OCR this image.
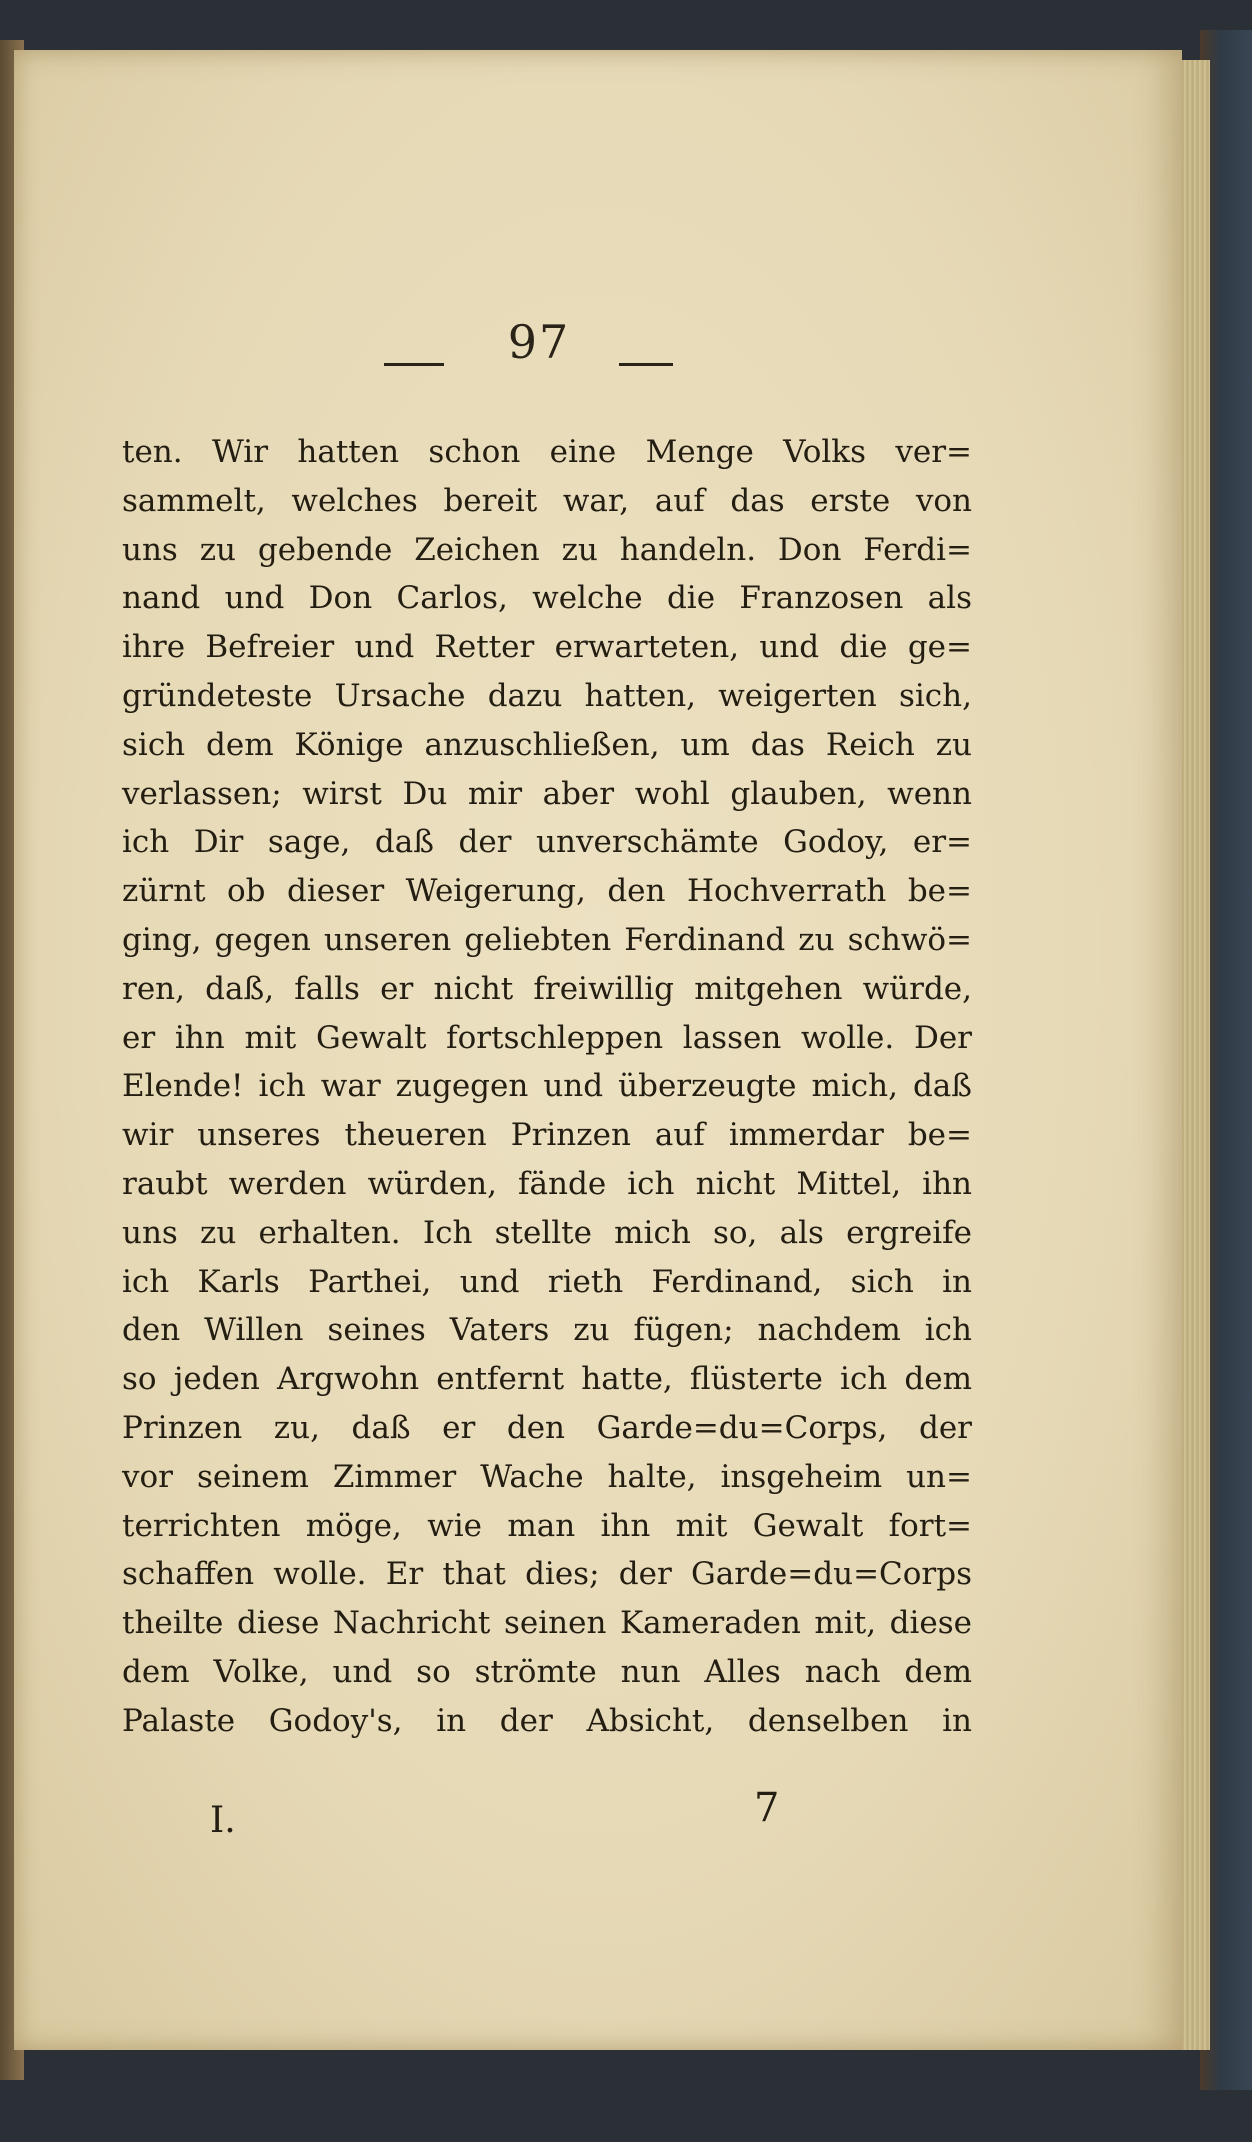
97
ten. Wir hatten schon eine Menge Volks ver=
sammelt, welches bereit war, auf das erste von
uns zu gebende Zeichen zu handeln. Don Ferdi=
nand und Don Carlos, welche die Franzosen als
ihre Befreier und Retter erwarteten, und die ge=
gründeteste Ursache dazu hatten, weigerten sich,
sich dem Könige anzuschließen, um das Reich zu
verlassen; wirst Du mir aber wohl glauben, wenn
ich Dir sage, daß der unverschämte Godoy, er=
zürnt ob dieser Weigerung, den Hochverrath be=
ging, gegen unseren geliebten Ferdinand zu schwö=
ren, daß, falls er nicht freiwillig mitgehen würde,
er ihn mit Gewalt fortschleppen lassen wolle. Der
Elende! ich war zugegen und überzeugte mich, daß
wir unseres theueren Prinzen auf immerdar be=
raubt werden würden, fände ich nicht Mittel, ihn
uns zu erhalten. Ich stellte mich so, als ergreife
ich Karls Parthei, und rieth Ferdinand, sich in
den Willen seines Vaters zu fügen; nachdem ich
so jeden Argwohn entfernt hatte, flüsterte ich dem
Prinzen zu, daß er den Garde=du=Corps, der
vor seinem Zimmer Wache halte, insgeheim un=
terrichten möge, wie man ihn mit Gewalt fort=
schaffen wolle. Er that dies; der Garde=du=Corps
theilte diese Nachricht seinen Kameraden mit, diese
dem Volke, und so strömte nun Alles nach dem
Palaste Godoy's, in der Absicht, denselben in
I.	7
